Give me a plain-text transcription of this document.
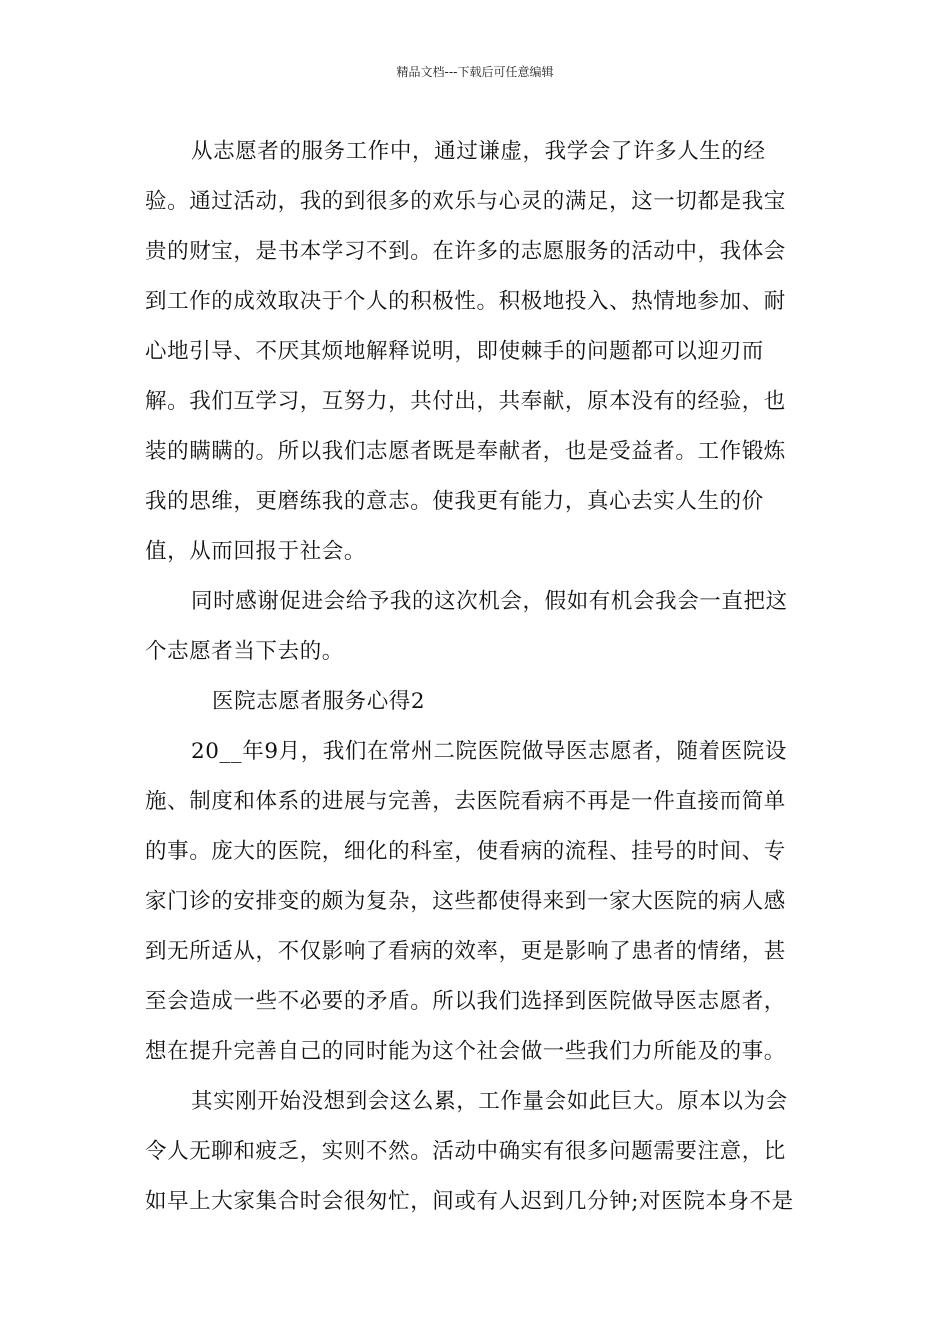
精品文档---下载后可任意编辑

从志愿者的服务工作中，通过谦虚，我学会了许多人生的经验。通过活动，我的到很多的欢乐与心灵的满足，这一切都是我宝贵的财宝，是书本学习不到。在许多的志愿服务的活动中，我体会到工作的成效取决于个人的积极性。积极地投入、热情地参加、耐心地引导、不厌其烦地解释说明，即使棘手的问题都可以迎刃而解。我们互学习，互努力，共付出，共奉献，原本没有的经验，也装的瞒瞒的。所以我们志愿者既是奉献者，也是受益者。工作锻炼我的思维，更磨练我的意志。使我更有能力，真心去实人生的价值，从而回报于社会。

同时感谢促进会给予我的这次机会，假如有机会我会一直把这个志愿者当下去的。

医院志愿者服务心得2

20__年9月，我们在常州二院医院做导医志愿者，随着医院设施、制度和体系的进展与完善，去医院看病不再是一件直接而简单的事。庞大的医院，细化的科室，使看病的流程、挂号的时间、专家门诊的安排变的颇为复杂，这些都使得来到一家大医院的病人感到无所适从，不仅影响了看病的效率，更是影响了患者的情绪，甚至会造成一些不必要的矛盾。所以我们选择到医院做导医志愿者，想在提升完善自己的同时能为这个社会做一些我们力所能及的事。

其实刚开始没想到会这么累，工作量会如此巨大。原本以为会令人无聊和疲乏，实则不然。活动中确实有很多问题需要注意，比如早上大家集合时会很匆忙，间或有人迟到几分钟;对医院本身不是
